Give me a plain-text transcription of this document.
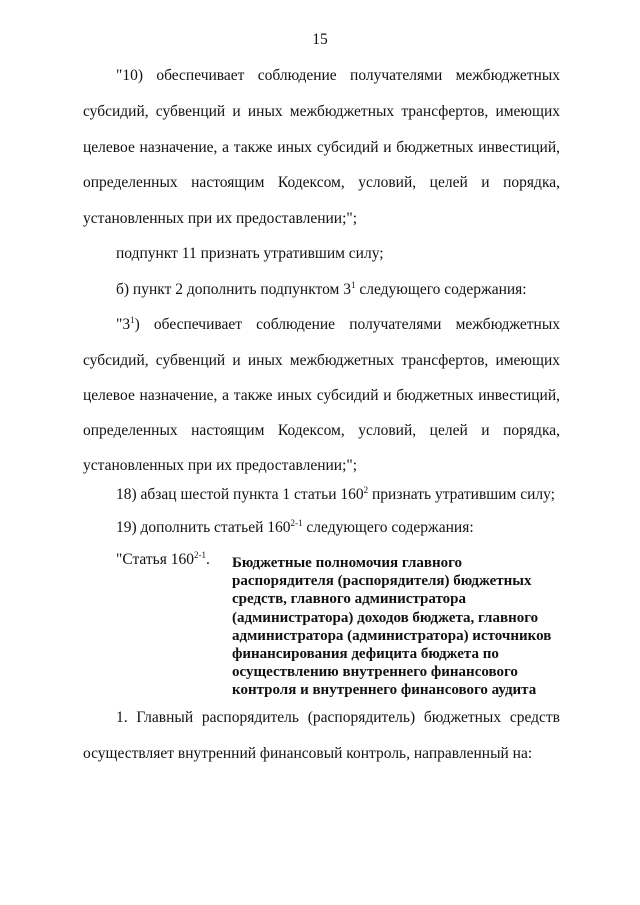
15
"10) обеспечивает соблюдение получателями межбюджетных
субсидий, субвенций и иных межбюджетных трансфертов, имеющих
целевое назначение, а также иных субсидий и бюджетных инвестиций,
определенных настоящим Кодексом, условий, целей и порядка,
установленных при их предоставлении;";
подпункт 11 признать утратившим силу;
б) пункт 2 дополнить подпунктом $3^1$ следующего содержания:
"$3^1$) обеспечивает соблюдение получателями межбюджетных
субсидий, субвенций и иных межбюджетных трансфертов, имеющих
целевое назначение, а также иных субсидий и бюджетных инвестиций,
определенных настоящим Кодексом, условий, целей и порядка,
установленных при их предоставлении;";
18) абзац шестой пункта 1 статьи $160^2$ признать утратившим силу;
19) дополнить статьей 160$^{2-1}$ следующего содержания:
"Статья 160$^{2-1}$. Бюджетные полномочия главного
распорядителя (распорядителя) бюджетных
средств, главного администратора
(администратора) доходов бюджета, главного
администратора (администратора) источников
финансирования дефицита бюджета по
осуществлению внутреннего финансового
контроля и внутреннего финансового аудита
1. Главный распорядитель (распорядитель) бюджетных средств
осуществляет внутренний финансовый контроль, направленный на:
